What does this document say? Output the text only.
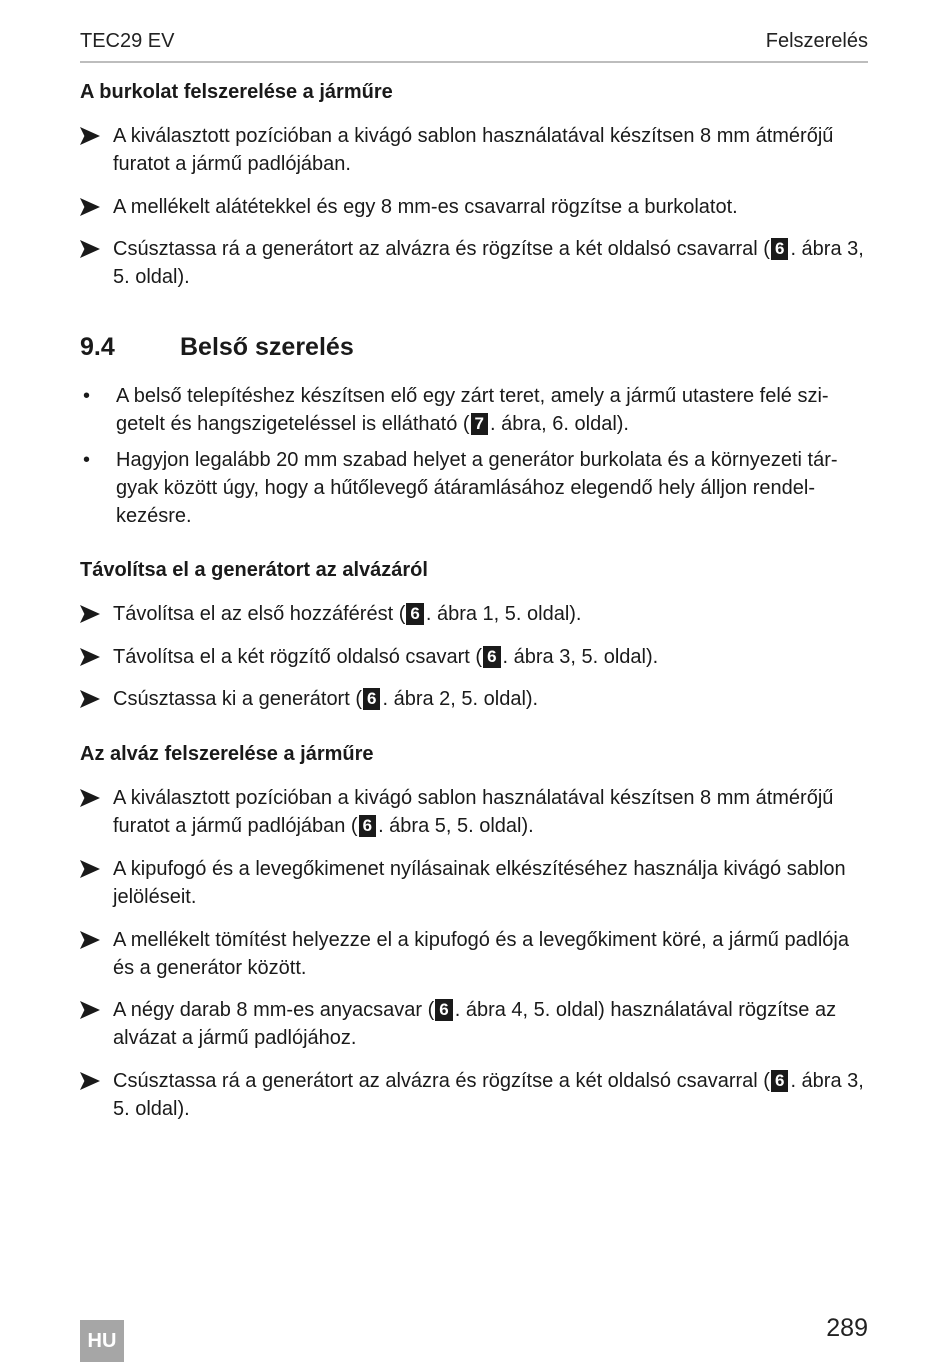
TEC29 EV	Felszerelés
A burkolat felszerelése a járműre
A kiválasztott pozícióban a kivágó sablon használatával készítsen 8 mm átmérőjű furatot a jármű padlójában.
A mellékelt alátétekkel és egy 8 mm-es csavarral rögzítse a burkolatot.
Csúsztassa rá a generátort az alvázra és rögzítse a két oldalsó csavarral ( 6 . ábra 3, 5. oldal).
9.4	Belső szerelés
•	A belső telepítéshez készítsen elő egy zárt teret, amely a jármű utastere felé szigetelt és hangszigeteléssel is ellátható ( 7 . ábra, 6. oldal).
•	Hagyjon legalább 20 mm szabad helyet a generátor burkolata és a környezeti tárgyak között úgy, hogy a hűtőlevegő átáramlásához elegendő hely álljon rendelkezésre.
Távolítsa el a generátort az alvázáról
Távolítsa el az első hozzáférést ( 6 . ábra 1, 5. oldal).
Távolítsa el a két rögzítő oldalsó csavart ( 6 . ábra 3, 5. oldal).
Csúsztassa ki a generátort ( 6 . ábra 2, 5. oldal).
Az alváz felszerelése a járműre
A kiválasztott pozícióban a kivágó sablon használatával készítsen 8 mm átmérőjű furatot a jármű padlójában ( 6 . ábra 5, 5. oldal).
A kipufogó és a levegőkimenet nyílásainak elkészítéséhez használja kivágó sablon jelöléseit.
A mellékelt tömítést helyezze el a kipufogó és a levegőkiment köré, a jármű padlója és a generátor között.
A négy darab 8 mm-es anyacsavar ( 6 . ábra 4, 5. oldal) használatával rögzítse az alvázat a jármű padlójához.
Csúsztassa rá a generátort az alvázra és rögzítse a két oldalsó csavarral ( 6 . ábra 3, 5. oldal).
HU	289
